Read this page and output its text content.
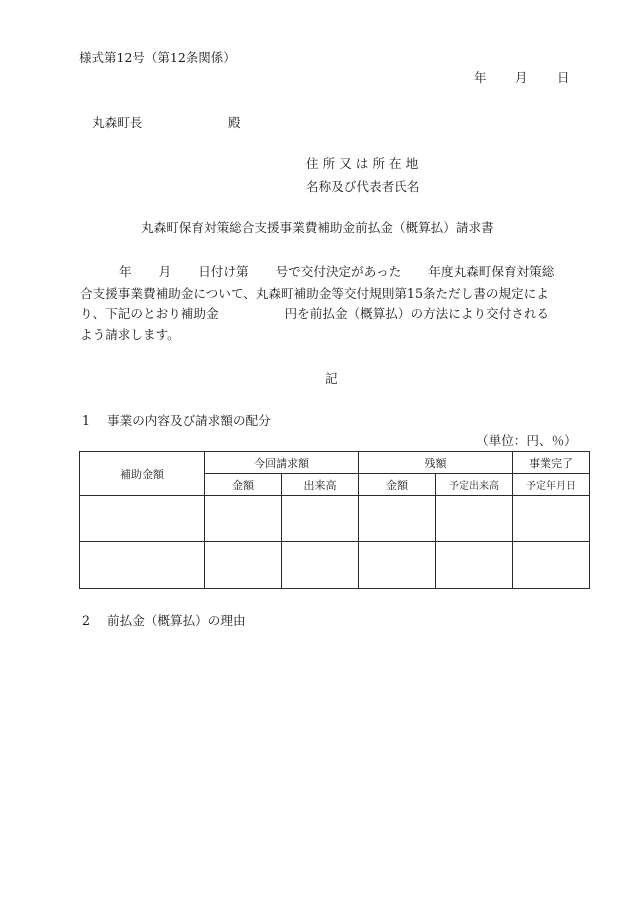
様式第12号（第12条関係）
年 月 日
丸森町長	殿
住 所 又 は 所 在 地
名称及び代表者氏名
丸森町保育対策総合支援事業費補助金前払金（概算払）請求書
年 月 日付け第 号で交付決定があった 年度丸森町保育対策総
合支援事業費補助金について、丸森町補助金等交付規則第15条ただし書の規定によ
り、下記のとおり補助金	円を前払金（概算払）の方法により交付される
よう請求します。
記
1 事業の内容及び請求額の配分
（単位：円、％）
補助金額	今回請求額		残額		事業完了
	金額	出来高	金額	予定出来高	予定年月日

2 前払金（概算払）の理由
